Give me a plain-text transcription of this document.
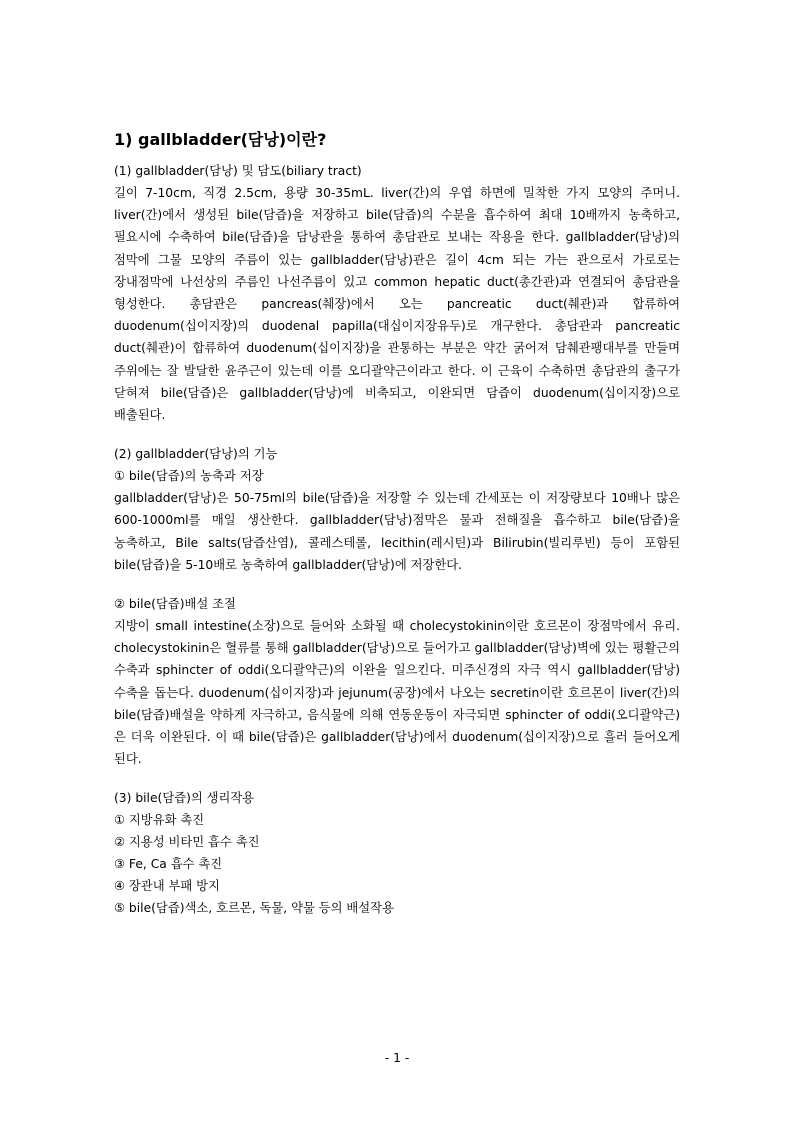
1) gallbladder(담낭)이란?

(1) gallbladder(담낭) 및 담도(biliary tract)

길이 7-10cm, 직경 2.5cm, 용량 30-35mL. liver(간)의 우엽 하면에 밀착한 가지 모양의 주머니. liver(간)에서 생성된 bile(담즙)을 저장하고 bile(담즙)의 수분을 흡수하여 최대 10배까지 농축하고, 필요시에 수축하여 bile(담즙)을 담낭관을 통하여 총담관로 보내는 작용을 한다. gallbladder(담낭)의 점막에 그물 모양의 주름이 있는 gallbladder(담낭)관은 길이 4cm 되는 가는 관으로서 가로로는 장내점막에 나선상의 주름인 나선주름이 있고 common hepatic duct(총간관)과 연결되어 총담관을 형성한다. 총담관은 pancreas(췌장)에서 오는 pancreatic duct(췌관)과 합류하여 duodenum(십이지장)의 duodenal papilla(대십이지장유두)로 개구한다. 총담관과 pancreatic duct(췌관)이 합류하여 duodenum(십이지장)을 관통하는 부분은 약간 굵어져 담췌관팽대부를 만들며 주위에는 잘 발달한 윤주근이 있는데 이를 오디괄약근이라고 한다. 이 근육이 수축하면 총담관의 출구가 닫혀져 bile(담즙)은 gallbladder(담낭)에 비축되고, 이완되면 담즙이 duodenum(십이지장)으로 배출된다.

(2) gallbladder(담낭)의 기능

① bile(담즙)의 농축과 저장

gallbladder(담낭)은 50-75ml의 bile(담즙)을 저장할 수 있는데 간세포는 이 저장량보다 10배나 많은 600-1000ml를 매일 생산한다. gallbladder(담낭)점막은 물과 전해질을 흡수하고 bile(담즙)을 농축하고, Bile salts(담즙산염), 콜레스테롤, lecithin(레시틴)과 Bilirubin(빌리루빈) 등이 포함된 bile(담즙)을 5-10배로 농축하여 gallbladder(담낭)에 저장한다.

② bile(담즙)배설 조절

지방이 small intestine(소장)으로 들어와 소화될 때 cholecystokinin이란 호르몬이 장점막에서 유리. cholecystokinin은 혈류를 통해 gallbladder(담낭)으로 들어가고 gallbladder(담낭)벽에 있는 평활근의 수축과 sphincter of oddi(오디괄약근)의 이완을 일으킨다. 미주신경의 자극 역시 gallbladder(담낭)수축을 돕는다. duodenum(십이지장)과 jejunum(공장)에서 나오는 secretin이란 호르몬이 liver(간)의 bile(담즙)배설을 약하게 자극하고, 음식물에 의해 연동운동이 자극되면 sphincter of oddi(오디괄약근)은 더욱 이완된다. 이 때 bile(담즙)은 gallbladder(담낭)에서 duodenum(십이지장)으로 흘러 들어오게 된다.

(3) bile(담즙)의 생리작용

① 지방유화 촉진
② 지용성 비타민 흡수 촉진
③ Fe, Ca 흡수 촉진
④ 장관내 부패 방지
⑤ bile(담즙)색소, 호르몬, 독물, 약물 등의 배설작용
- 1 -
